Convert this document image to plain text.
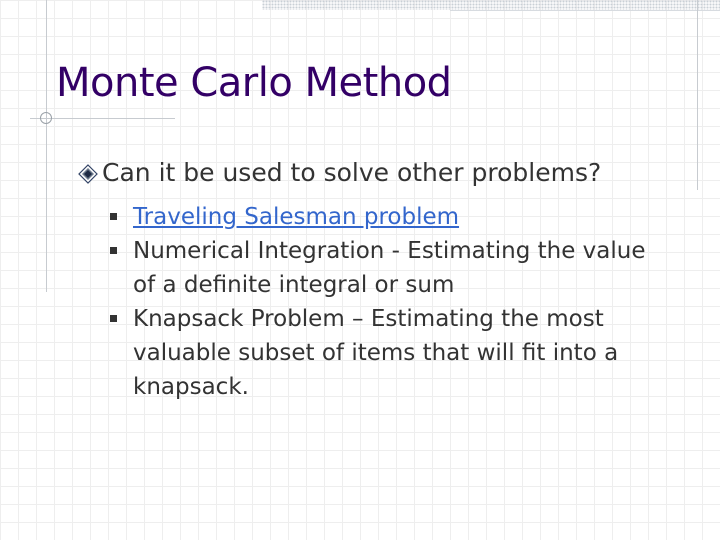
Monte Carlo Method
Can it be used to solve other problems?
Traveling Salesman problem
Numerical Integration - Estimating the value of a definite integral or sum
Knapsack Problem – Estimating the most valuable subset of items that will fit into a knapsack.
